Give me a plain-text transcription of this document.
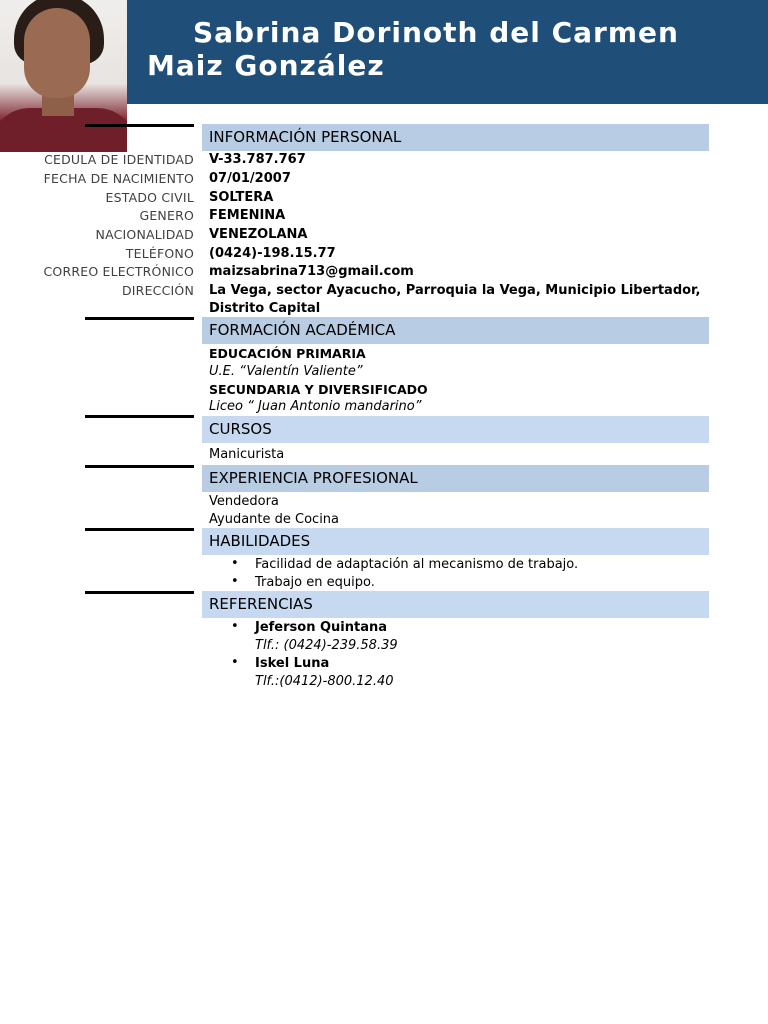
Sabrina Dorinoth del Carmen Maiz González

INFORMACIÓN PERSONAL
CEDULA DE IDENTIDAD V-33.787.767
FECHA DE NACIMIENTO 07/01/2007
ESTADO CIVIL SOLTERA
GENERO FEMENINA
NACIONALIDAD VENEZOLANA
TELÉFONO (0424)-198.15.77
CORREO ELECTRÓNICO maizsabrina713@gmail.com
DIRECCIÓN La Vega, sector Ayacucho, Parroquia la Vega, Municipio Libertador, Distrito Capital
FORMACIÓN ACADÉMICA
EDUCACIÓN PRIMARIA
U.E. “Valentín Valiente”
SECUNDARIA Y DIVERSIFICADO
Liceo “ Juan Antonio mandarino”
CURSOS
Manicurista
EXPERIENCIA PROFESIONAL
Vendedora
Ayudante de Cocina
HABILIDADES
• Facilidad de adaptación al mecanismo de trabajo.
• Trabajo en equipo.
REFERENCIAS
• Jeferson Quintana
Tlf.: (0424)-239.58.39
• Iskel Luna
Tlf.:(0412)-800.12.40
